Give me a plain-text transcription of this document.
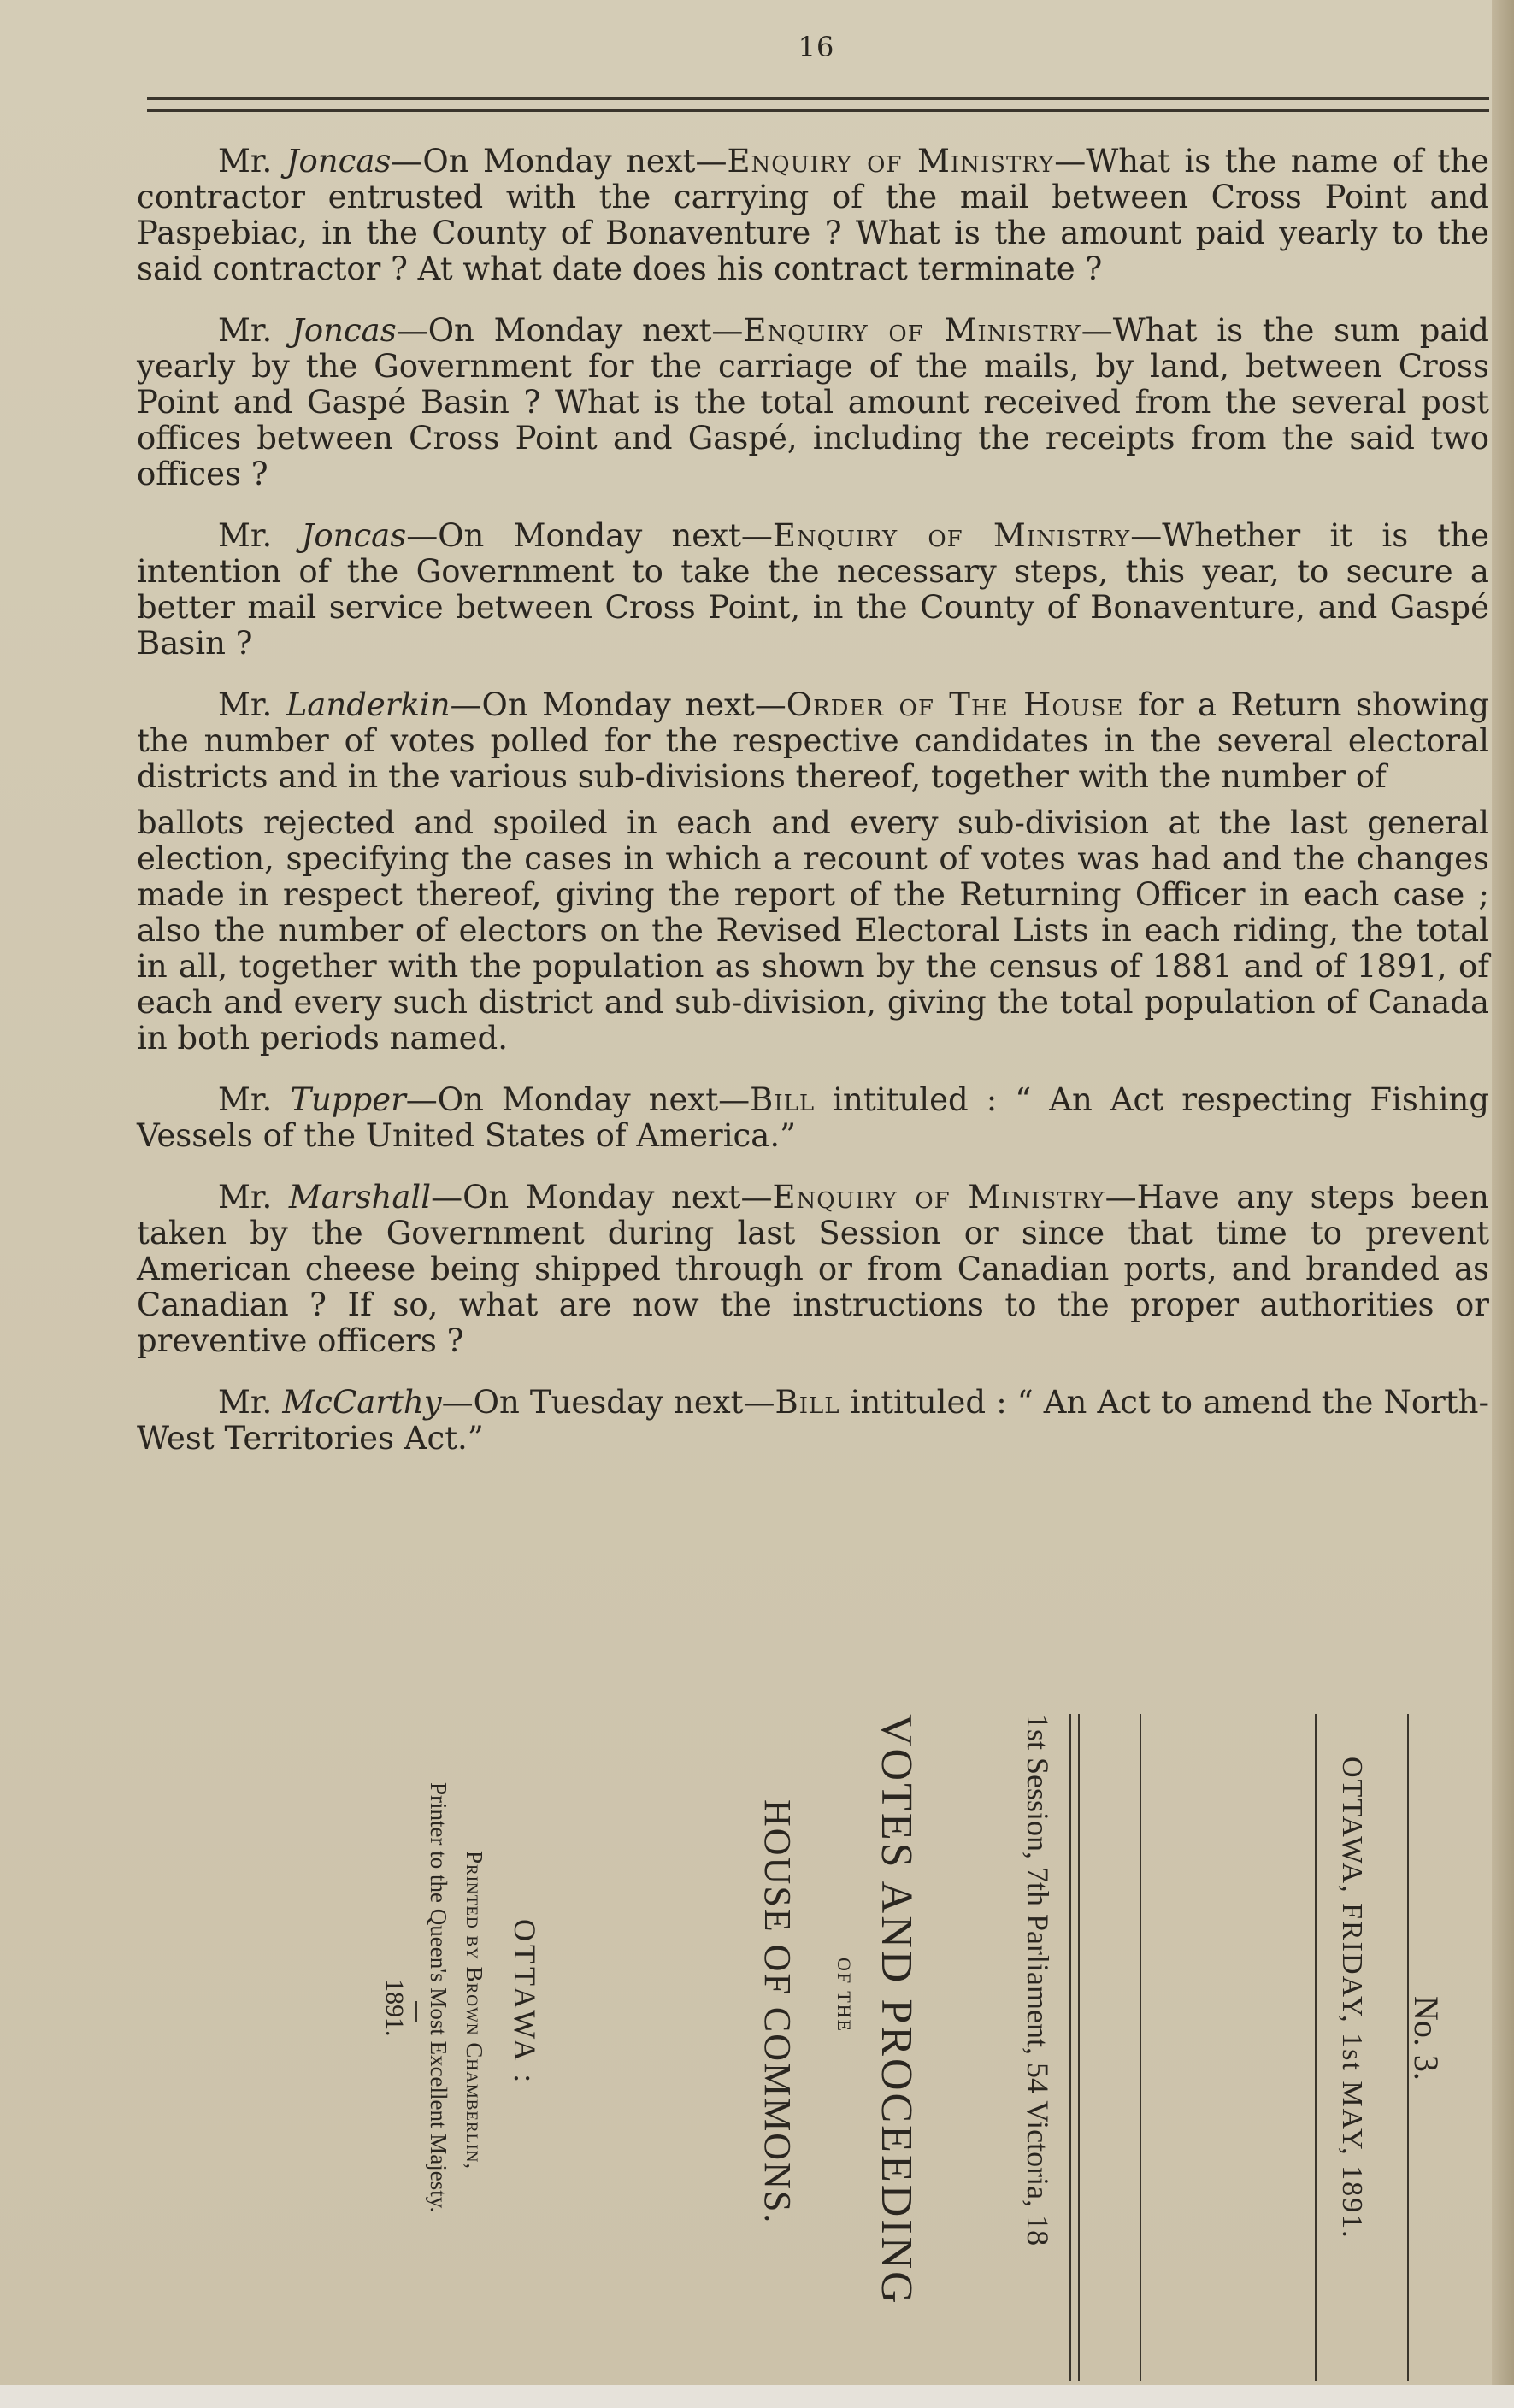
16

Mr. Joncas—On Monday next—Enquiry of Ministry—What is the name of the contractor entrusted with the carrying of the mail between Cross Point and Paspebiac, in the County of Bonaventure ? What is the amount paid yearly to the said contractor ? At what date does his contract terminate ?

Mr. Joncas—On Monday next—Enquiry of Ministry—What is the sum paid yearly by the Government for the carriage of the mails, by land, between Cross Point and Gaspé Basin ? What is the total amount received from the several post offices between Cross Point and Gaspé, including the receipts from the said two offices ?

Mr. Joncas—On Monday next—Enquiry of Ministry—Whether it is the intention of the Government to take the necessary steps, this year, to secure a better mail service between Cross Point, in the County of Bonaventure, and Gaspé Basin ?

Mr. Landerkin—On Monday next—Order of The House for a Return showing the number of votes polled for the respective candidates in the several electoral districts and in the various sub-divisions thereof, together with the number of

ballots rejected and spoiled in each and every sub-division at the last general election, specifying the cases in which a recount of votes was had and the changes made in respect thereof, giving the report of the Returning Officer in each case ; also the number of electors on the Revised Electoral Lists in each riding, the total in all, together with the population as shown by the census of 1881 and of 1891, of each and every such district and sub-division, giving the total population of Canada in both periods named.

Mr. Tupper—On Monday next—Bill intituled : “ An Act respecting Fishing Vessels of the United States of America.”

Mr. Marshall—On Monday next—Enquiry of Ministry—Have any steps been taken by the Government during last Session or since that time to prevent American cheese being shipped through or from Canadian ports, and branded as Canadian ? If so, what are now the instructions to the proper authorities or preventive officers ?

Mr. McCarthy—On Tuesday next—Bill intituled : “ An Act to amend the North-West Territories Act.”

No. 3.
OTTAWA, FRIDAY, 1st MAY, 1891.
1st Session, 7th Parliament, 54 Victoria, 18
VOTES AND PROCEEDING
OF THE
HOUSE OF COMMONS.
OTTAWA :
Printed by Brown Chamberlin,
Printer to the Queen's Most Excellent Majesty.
1891.
